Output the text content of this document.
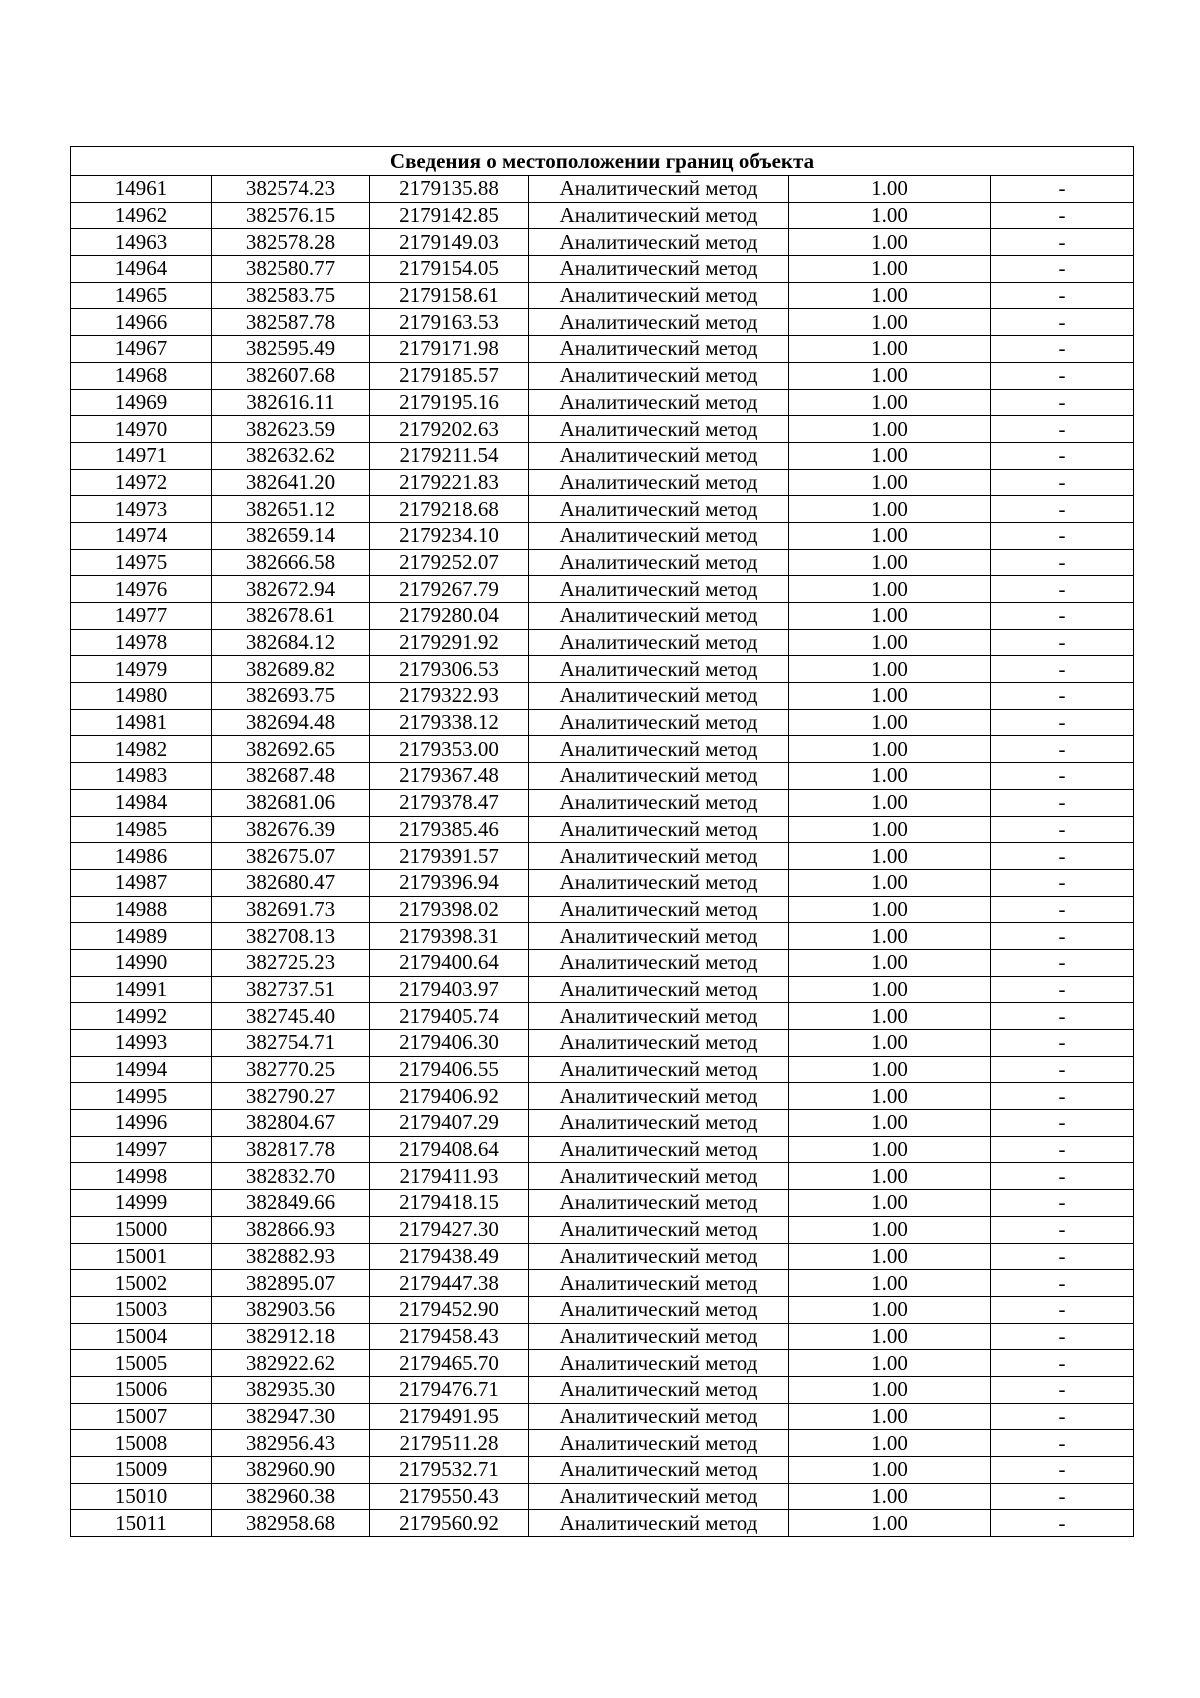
Сведения о местоположении границ объекта					
14961	382574.23	2179135.88	Аналитический метод	1.00	-
14962	382576.15	2179142.85	Аналитический метод	1.00	-
14963	382578.28	2179149.03	Аналитический метод	1.00	-
14964	382580.77	2179154.05	Аналитический метод	1.00	-
14965	382583.75	2179158.61	Аналитический метод	1.00	-
14966	382587.78	2179163.53	Аналитический метод	1.00	-
14967	382595.49	2179171.98	Аналитический метод	1.00	-
14968	382607.68	2179185.57	Аналитический метод	1.00	-
14969	382616.11	2179195.16	Аналитический метод	1.00	-
14970	382623.59	2179202.63	Аналитический метод	1.00	-
14971	382632.62	2179211.54	Аналитический метод	1.00	-
14972	382641.20	2179221.83	Аналитический метод	1.00	-
14973	382651.12	2179218.68	Аналитический метод	1.00	-
14974	382659.14	2179234.10	Аналитический метод	1.00	-
14975	382666.58	2179252.07	Аналитический метод	1.00	-
14976	382672.94	2179267.79	Аналитический метод	1.00	-
14977	382678.61	2179280.04	Аналитический метод	1.00	-
14978	382684.12	2179291.92	Аналитический метод	1.00	-
14979	382689.82	2179306.53	Аналитический метод	1.00	-
14980	382693.75	2179322.93	Аналитический метод	1.00	-
14981	382694.48	2179338.12	Аналитический метод	1.00	-
14982	382692.65	2179353.00	Аналитический метод	1.00	-
14983	382687.48	2179367.48	Аналитический метод	1.00	-
14984	382681.06	2179378.47	Аналитический метод	1.00	-
14985	382676.39	2179385.46	Аналитический метод	1.00	-
14986	382675.07	2179391.57	Аналитический метод	1.00	-
14987	382680.47	2179396.94	Аналитический метод	1.00	-
14988	382691.73	2179398.02	Аналитический метод	1.00	-
14989	382708.13	2179398.31	Аналитический метод	1.00	-
14990	382725.23	2179400.64	Аналитический метод	1.00	-
14991	382737.51	2179403.97	Аналитический метод	1.00	-
14992	382745.40	2179405.74	Аналитический метод	1.00	-
14993	382754.71	2179406.30	Аналитический метод	1.00	-
14994	382770.25	2179406.55	Аналитический метод	1.00	-
14995	382790.27	2179406.92	Аналитический метод	1.00	-
14996	382804.67	2179407.29	Аналитический метод	1.00	-
14997	382817.78	2179408.64	Аналитический метод	1.00	-
14998	382832.70	2179411.93	Аналитический метод	1.00	-
14999	382849.66	2179418.15	Аналитический метод	1.00	-
15000	382866.93	2179427.30	Аналитический метод	1.00	-
15001	382882.93	2179438.49	Аналитический метод	1.00	-
15002	382895.07	2179447.38	Аналитический метод	1.00	-
15003	382903.56	2179452.90	Аналитический метод	1.00	-
15004	382912.18	2179458.43	Аналитический метод	1.00	-
15005	382922.62	2179465.70	Аналитический метод	1.00	-
15006	382935.30	2179476.71	Аналитический метод	1.00	-
15007	382947.30	2179491.95	Аналитический метод	1.00	-
15008	382956.43	2179511.28	Аналитический метод	1.00	-
15009	382960.90	2179532.71	Аналитический метод	1.00	-
15010	382960.38	2179550.43	Аналитический метод	1.00	-
15011	382958.68	2179560.92	Аналитический метод	1.00	-
